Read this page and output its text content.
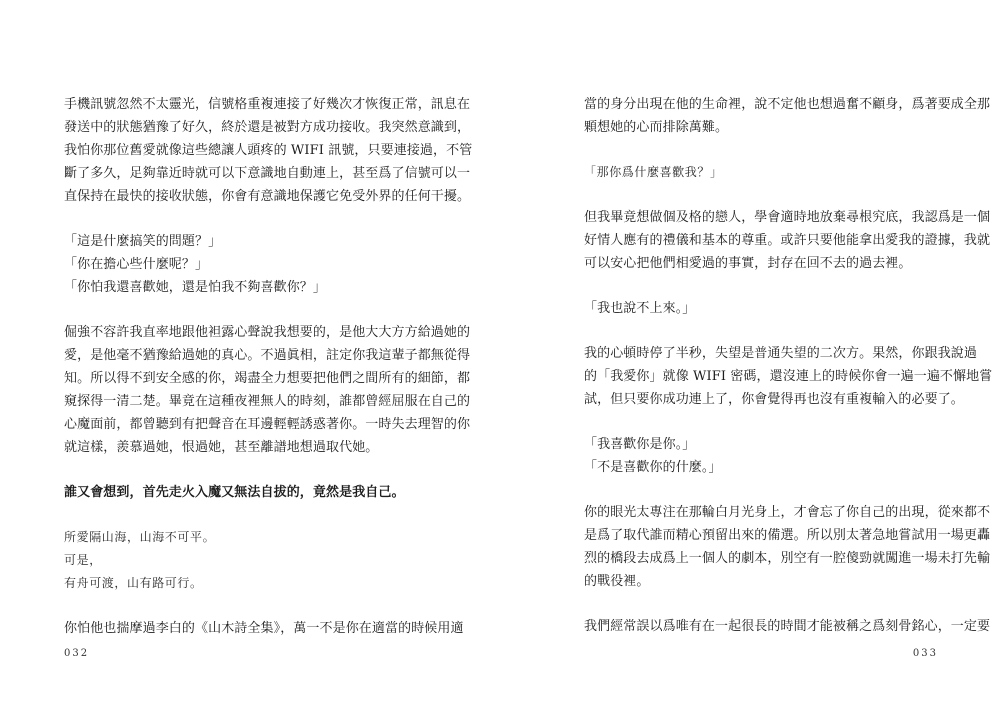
手機訊號忽然不太靈光，信號格重複連接了好幾次才恢復正常，訊息在
發送中的狀態猶豫了好久，終於還是被對方成功接收。我突然意識到，
我怕你那位舊愛就像這些總讓人頭疼的 WIFI 訊號，只要連接過，不管
斷了多久，足夠靠近時就可以下意識地自動連上，甚至爲了信號可以一
直保持在最快的接收狀態，你會有意識地保護它免受外界的任何干擾。
「這是什麼搞笑的問題？」
「你在擔心些什麼呢？」
「你怕我還喜歡她，還是怕我不夠喜歡你？」
倔強不容許我直率地跟他袒露心聲說我想要的，是他大大方方給過她的
愛，是他毫不猶豫給過她的真心。不過眞相，註定你我這輩子都無從得
知。所以得不到安全感的你，竭盡全力想要把他們之間所有的細節，都
窺探得一清二楚。畢竟在這種夜裡無人的時刻，誰都曾經屈服在自己的
心魔面前，都曾聽到有把聲音在耳邊輕輕誘惑著你。一時失去理智的你
就這樣，羨慕過她，恨過她，甚至離譜地想過取代她。
誰又會想到，首先走火入魔又無法自拔的，竟然是我自己。
所愛隔山海，山海不可平。
可是，
有舟可渡，山有路可行。
你怕他也揣摩過李白的《山木詩全集》，萬一不是你在適當的時候用適
032
當的身分出現在他的生命裡，說不定他也想過奮不顧身，爲著要成全那
顆想她的心而排除萬難。
「那你爲什麼喜歡我？」
但我畢竟想做個及格的戀人，學會適時地放棄尋根究底，我認爲是一個
好情人應有的禮儀和基本的尊重。或許只要他能拿出愛我的證據，我就
可以安心把他們相愛過的事實，封存在回不去的過去裡。
「我也說不上來。」
我的心頓時停了半秒，失望是普通失望的二次方。果然，你跟我說過
的「我愛你」就像 WIFI 密碼，還沒連上的時候你會一遍一遍不懈地嘗
試，但只要你成功連上了，你會覺得再也沒有重複輸入的必要了。
「我喜歡你是你。」
「不是喜歡你的什麼。」
你的眼光太專注在那輪白月光身上，才會忘了你自己的出現，從來都不
是爲了取代誰而精心預留出來的備選。所以別太著急地嘗試用一場更轟
烈的橋段去成爲上一個人的劇本，別空有一腔傻勁就闖進一場未打先輸
的戰役裡。
我們經常誤以爲唯有在一起很長的時間才能被稱之爲刻骨銘心，一定要
033
